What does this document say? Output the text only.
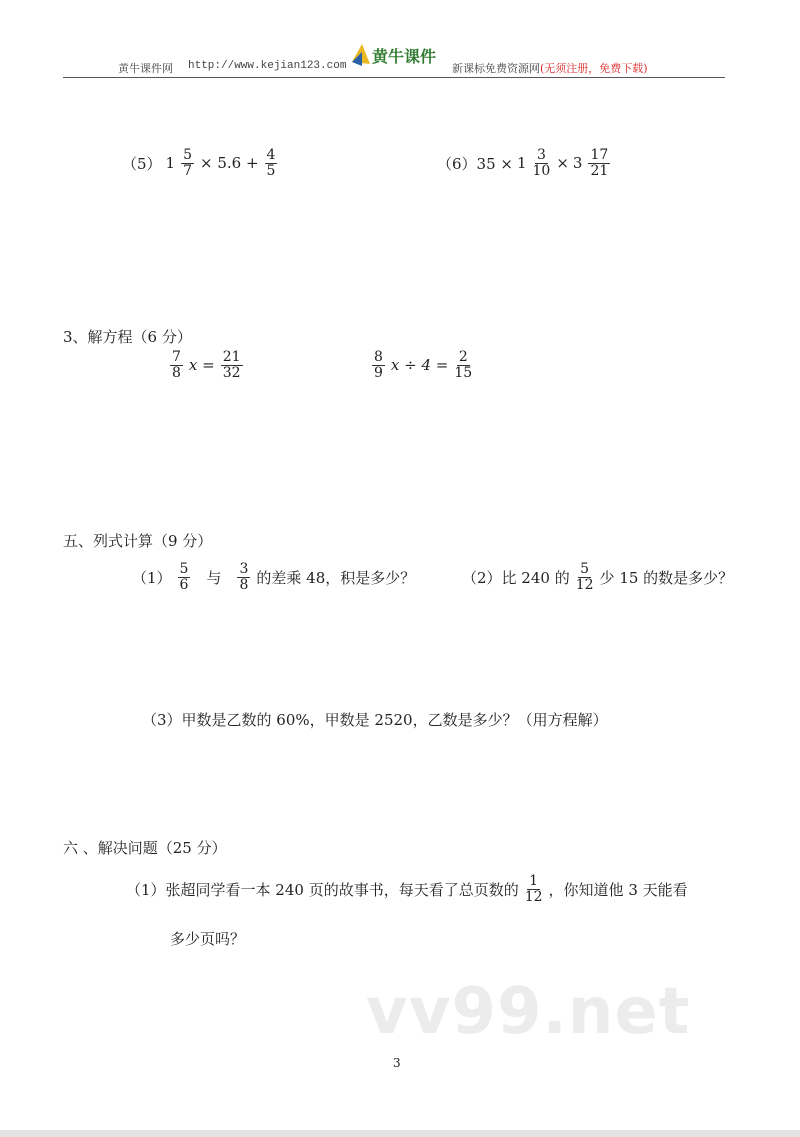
黄牛课件网 http://www.kejian123.com 黄牛课件
新课标免费资源网(无须注册，免费下载)
（5） $1 \frac{5}{7} \times 5.6 + \frac{4}{5}$	$(6)35 \times 1 \frac{3}{10} \times 3 \frac{17}{21}$
3、解方程（6 分）
$\frac{7}{8}$ $x = \frac{21}{32}$	$\frac{8}{9}$ $x \div 4 = \frac{2}{15}$
五、列式计算（9 分）
$(1) \frac{5}{6}$ 与 $\frac{3}{8}$ 的差乘 48，积是多少？	（2）比 240 的 $\frac{5}{12}$ 少 15 的数是多少？
（3）甲数是乙数的 60%，甲数是 2520，乙数是多少？（用方程解）
六 、解决问题（25 分）
（1）张超同学看一本 240 页的故事书，每天看了总页数的 $\frac{1}{12}$ ，你知道他 3 天能看
多少页吗？
vv99.net
3
